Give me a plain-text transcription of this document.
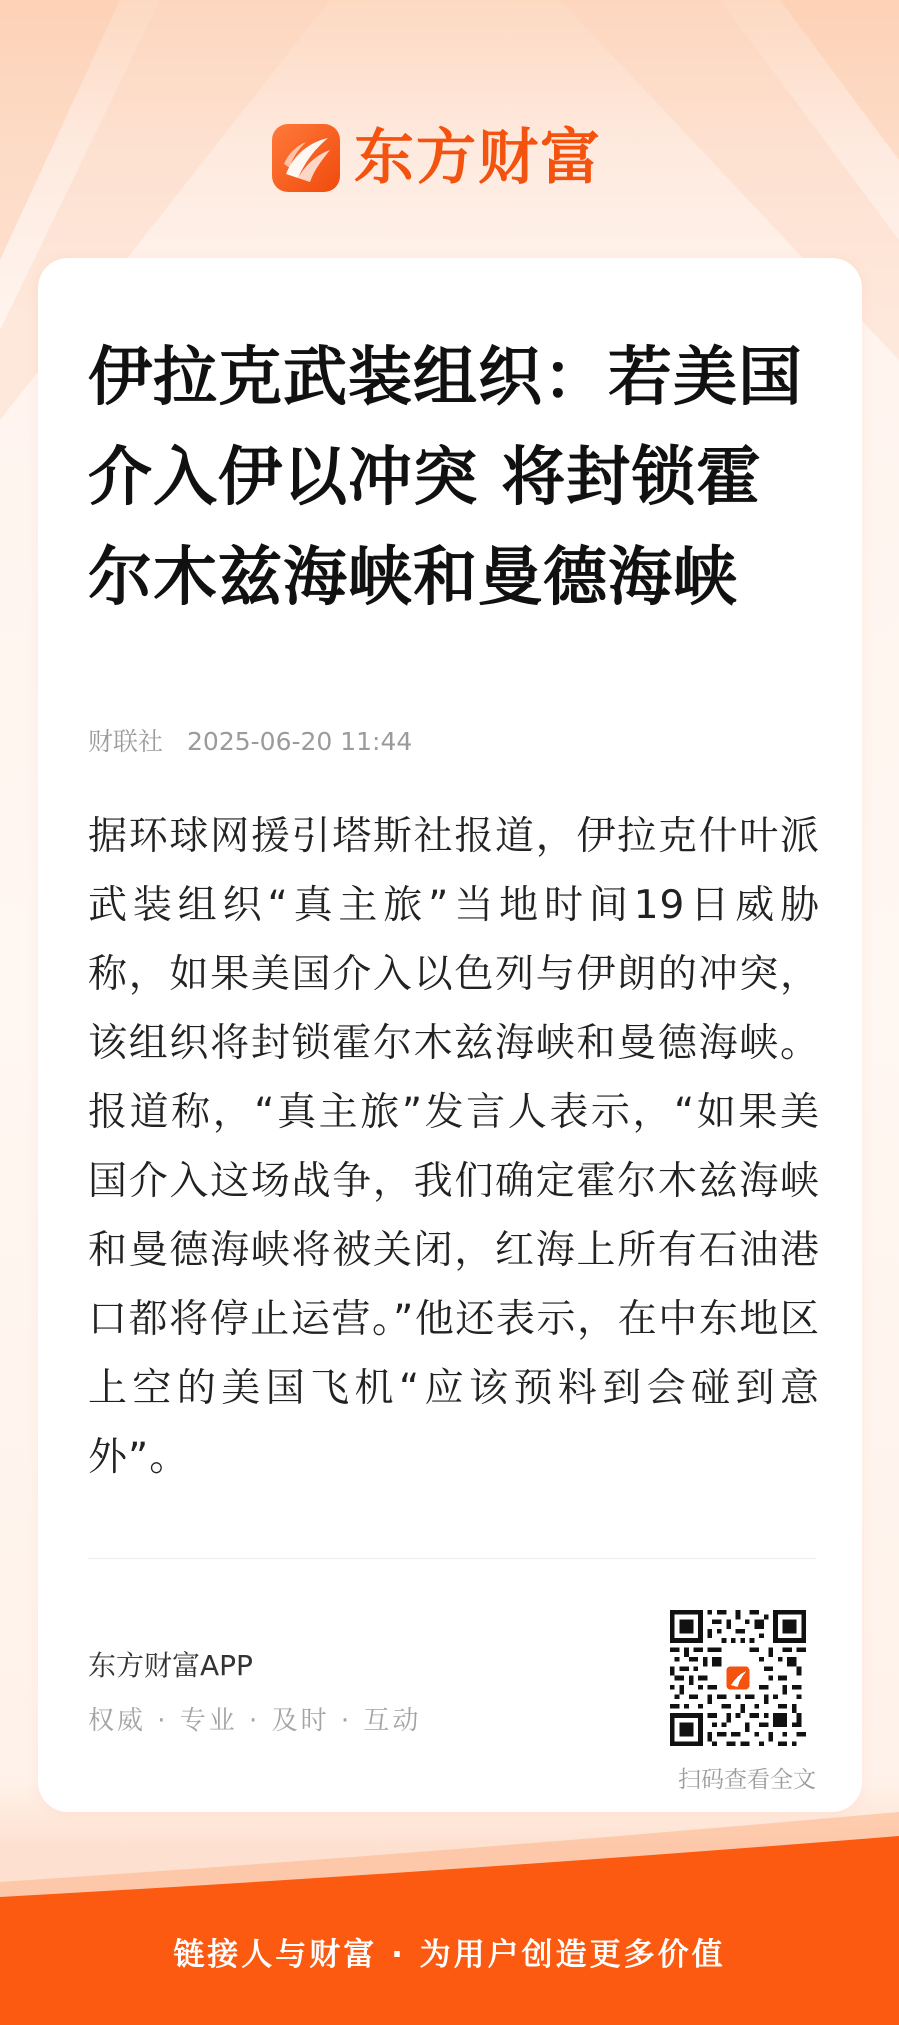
东方财富
伊拉克武装组织：若美国介入伊以冲突 将封锁霍尔木兹海峡和曼德海峡
财联社 2025-06-20 11:44

据环球网援引塔斯社报道，伊拉克什叶派武装组织“真主旅”当地时间19日威胁称，如果美国介入以色列与伊朗的冲突，该组织将封锁霍尔木兹海峡和曼德海峡。报道称，“真主旅”发言人表示，“如果美国介入这场战争，我们确定霍尔木兹海峡和曼德海峡将被关闭，红海上所有石油港口都将停止运营。”他还表示，在中东地区上空的美国飞机“应该预料到会碰到意外”。

东方财富APP
权威 · 专业 · 及时 · 互动
扫码查看全文
链接人与财富 · 为用户创造更多价值
